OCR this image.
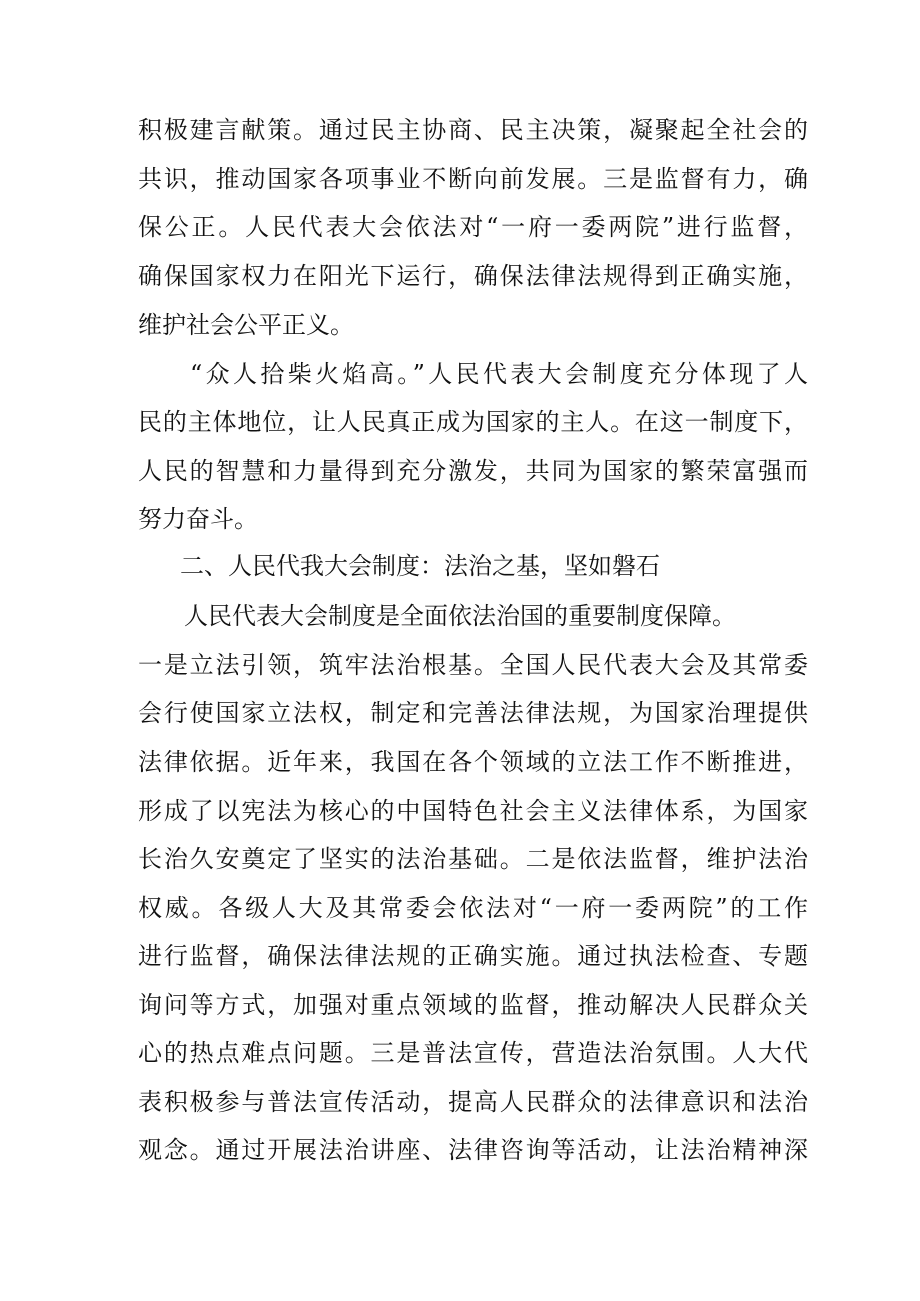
积极建言献策。通过民主协商、民主决策，凝聚起全社会的
共识，推动国家各项事业不断向前发展。三是监督有力，确
保公正。人民代表大会依法对“一府一委两院”进行监督，
确保国家权力在阳光下运行，确保法律法规得到正确实施，
维护社会公平正义。
“众人拾柴火焰高。”人民代表大会制度充分体现了人
民的主体地位，让人民真正成为国家的主人。在这一制度下，
人民的智慧和力量得到充分激发，共同为国家的繁荣富强而
努力奋斗。
二、人民代我大会制度：法治之基，坚如磐石
人民代表大会制度是全面依法治国的重要制度保障。
一是立法引领，筑牢法治根基。全国人民代表大会及其常委
会行使国家立法权，制定和完善法律法规，为国家治理提供
法律依据。近年来，我国在各个领域的立法工作不断推进，
形成了以宪法为核心的中国特色社会主义法律体系，为国家
长治久安奠定了坚实的法治基础。二是依法监督，维护法治
权威。各级人大及其常委会依法对“一府一委两院”的工作
进行监督，确保法律法规的正确实施。通过执法检查、专题
询问等方式，加强对重点领域的监督，推动解决人民群众关
心的热点难点问题。三是普法宣传，营造法治氛围。人大代
表积极参与普法宣传活动，提高人民群众的法律意识和法治
观念。通过开展法治讲座、法律咨询等活动，让法治精神深
